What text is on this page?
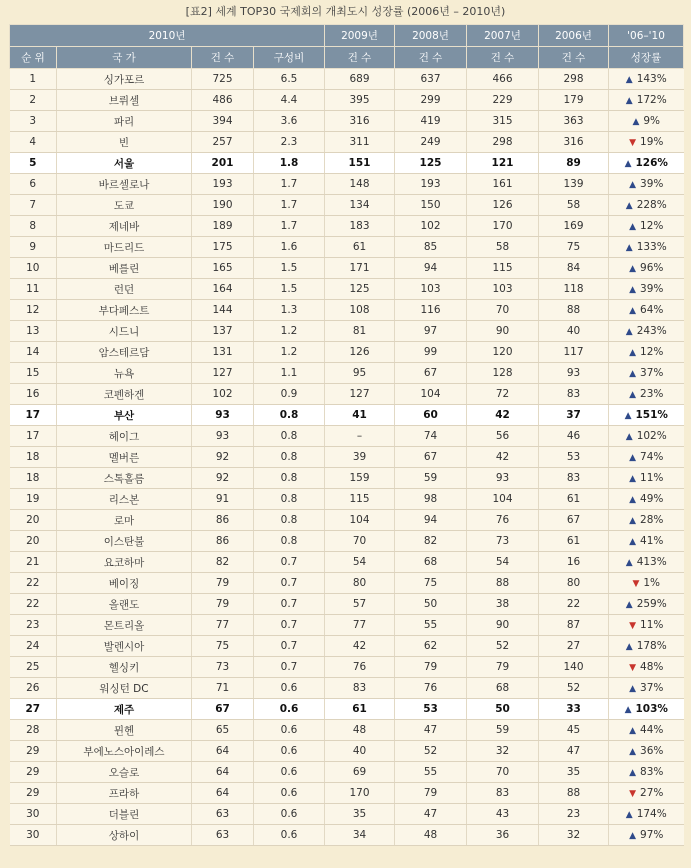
[표2] 세계 TOP30 국제회의 개최도시 성장률 (2006년 – 2010년)
2010년				2009년	2008년	2007년	2006년	'06–'10
순 위	국 가	건 수	구성비	건 수	건 수	건 수	건 수	성장률
1	싱가포르	725	6.5	689	637	466	298	▲ 143%
2	브뤼셀	486	4.4	395	299	229	179	▲ 172%
3	파리	394	3.6	316	419	315	363	▲ 9%
4	빈	257	2.3	311	249	298	316	▼ 19%
5	서울	201	1.8	151	125	121	89	▲ 126%
6	바르셀로나	193	1.7	148	193	161	139	▲ 39%
7	도쿄	190	1.7	134	150	126	58	▲ 228%
8	제네바	189	1.7	183	102	170	169	▲ 12%
9	마드리드	175	1.6	61	85	58	75	▲ 133%
10	베를린	165	1.5	171	94	115	84	▲ 96%
11	런던	164	1.5	125	103	103	118	▲ 39%
12	부다페스트	144	1.3	108	116	70	88	▲ 64%
13	시드니	137	1.2	81	97	90	40	▲ 243%
14	암스테르담	131	1.2	126	99	120	117	▲ 12%
15	뉴욕	127	1.1	95	67	128	93	▲ 37%
16	코펜하겐	102	0.9	127	104	72	83	▲ 23%
17	부산	93	0.8	41	60	42	37	▲ 151%
17	헤이그	93	0.8	–	74	56	46	▲ 102%
18	멜버른	92	0.8	39	67	42	53	▲ 74%
18	스톡홀름	92	0.8	159	59	93	83	▲ 11%
19	리스본	91	0.8	115	98	104	61	▲ 49%
20	로마	86	0.8	104	94	76	67	▲ 28%
20	이스탄불	86	0.8	70	82	73	61	▲ 41%
21	요코하마	82	0.7	54	68	54	16	▲ 413%
22	베이징	79	0.7	80	75	88	80	▼ 1%
22	올랜도	79	0.7	57	50	38	22	▲ 259%
23	몬트리올	77	0.7	77	55	90	87	▼ 11%
24	발렌시아	75	0.7	42	62	52	27	▲ 178%
25	헬싱키	73	0.7	76	79	79	140	▼ 48%
26	워싱턴 DC	71	0.6	83	76	68	52	▲ 37%
27	제주	67	0.6	61	53	50	33	▲ 103%
28	뮌헨	65	0.6	48	47	59	45	▲ 44%
29	부에노스아이레스	64	0.6	40	52	32	47	▲ 36%
29	오슬로	64	0.6	69	55	70	35	▲ 83%
29	프라하	64	0.6	170	79	83	88	▼ 27%
30	더블린	63	0.6	35	47	43	23	▲ 174%
30	상하이	63	0.6	34	48	36	32	▲ 97%
